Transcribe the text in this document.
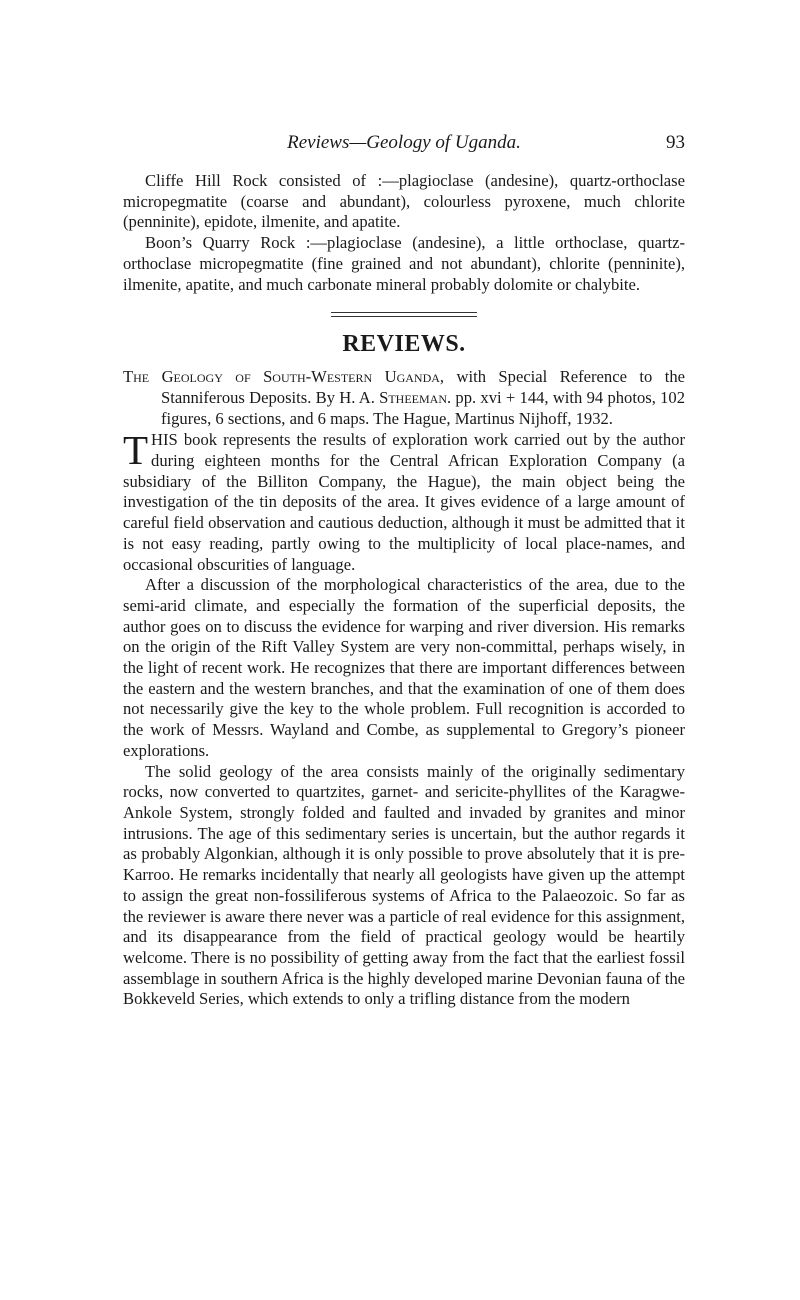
Reviews—Geology of Uganda.	93

Cliffe Hill Rock consisted of :—plagioclase (andesine), quartz-orthoclase micropegmatite (coarse and abundant), colourless pyroxene, much chlorite (penninite), epidote, ilmenite, and apatite.

Boon’s Quarry Rock :—plagioclase (andesine), a little orthoclase, quartz-orthoclase micropegmatite (fine grained and not abundant), chlorite (penninite), ilmenite, apatite, and much carbonate mineral probably dolomite or chalybite.

REVIEWS.
The Geology of South-Western Uganda, with Special Reference to the Stanniferous Deposits. By H. A. Stheeman. pp. xvi + 144, with 94 photos, 102 figures, 6 sections, and 6 maps. The Hague, Martinus Nijhoff, 1932.

THIS book represents the results of exploration work carried out by the author during eighteen months for the Central African Exploration Company (a subsidiary of the Billiton Company, the Hague), the main object being the investigation of the tin deposits of the area. It gives evidence of a large amount of careful field observation and cautious deduction, although it must be admitted that it is not easy reading, partly owing to the multiplicity of local place-names, and occasional obscurities of language.

After a discussion of the morphological characteristics of the area, due to the semi-arid climate, and especially the formation of the superficial deposits, the author goes on to discuss the evidence for warping and river diversion. His remarks on the origin of the Rift Valley System are very non-committal, perhaps wisely, in the light of recent work. He recognizes that there are important differences between the eastern and the western branches, and that the examination of one of them does not necessarily give the key to the whole problem. Full recognition is accorded to the work of Messrs. Wayland and Combe, as supplemental to Gregory’s pioneer explorations.

The solid geology of the area consists mainly of the originally sedimentary rocks, now converted to quartzites, garnet- and sericite-phyllites of the Karagwe-Ankole System, strongly folded and faulted and invaded by granites and minor intrusions. The age of this sedimentary series is uncertain, but the author regards it as probably Algonkian, although it is only possible to prove absolutely that it is pre-Karroo. He remarks incidentally that nearly all geologists have given up the attempt to assign the great non-fossiliferous systems of Africa to the Palaeozoic. So far as the reviewer is aware there never was a particle of real evidence for this assignment, and its disappearance from the field of practical geology would be heartily welcome. There is no possibility of getting away from the fact that the earliest fossil assemblage in southern Africa is the highly developed marine Devonian fauna of the Bokkeveld Series, which extends to only a trifling distance from the modern
